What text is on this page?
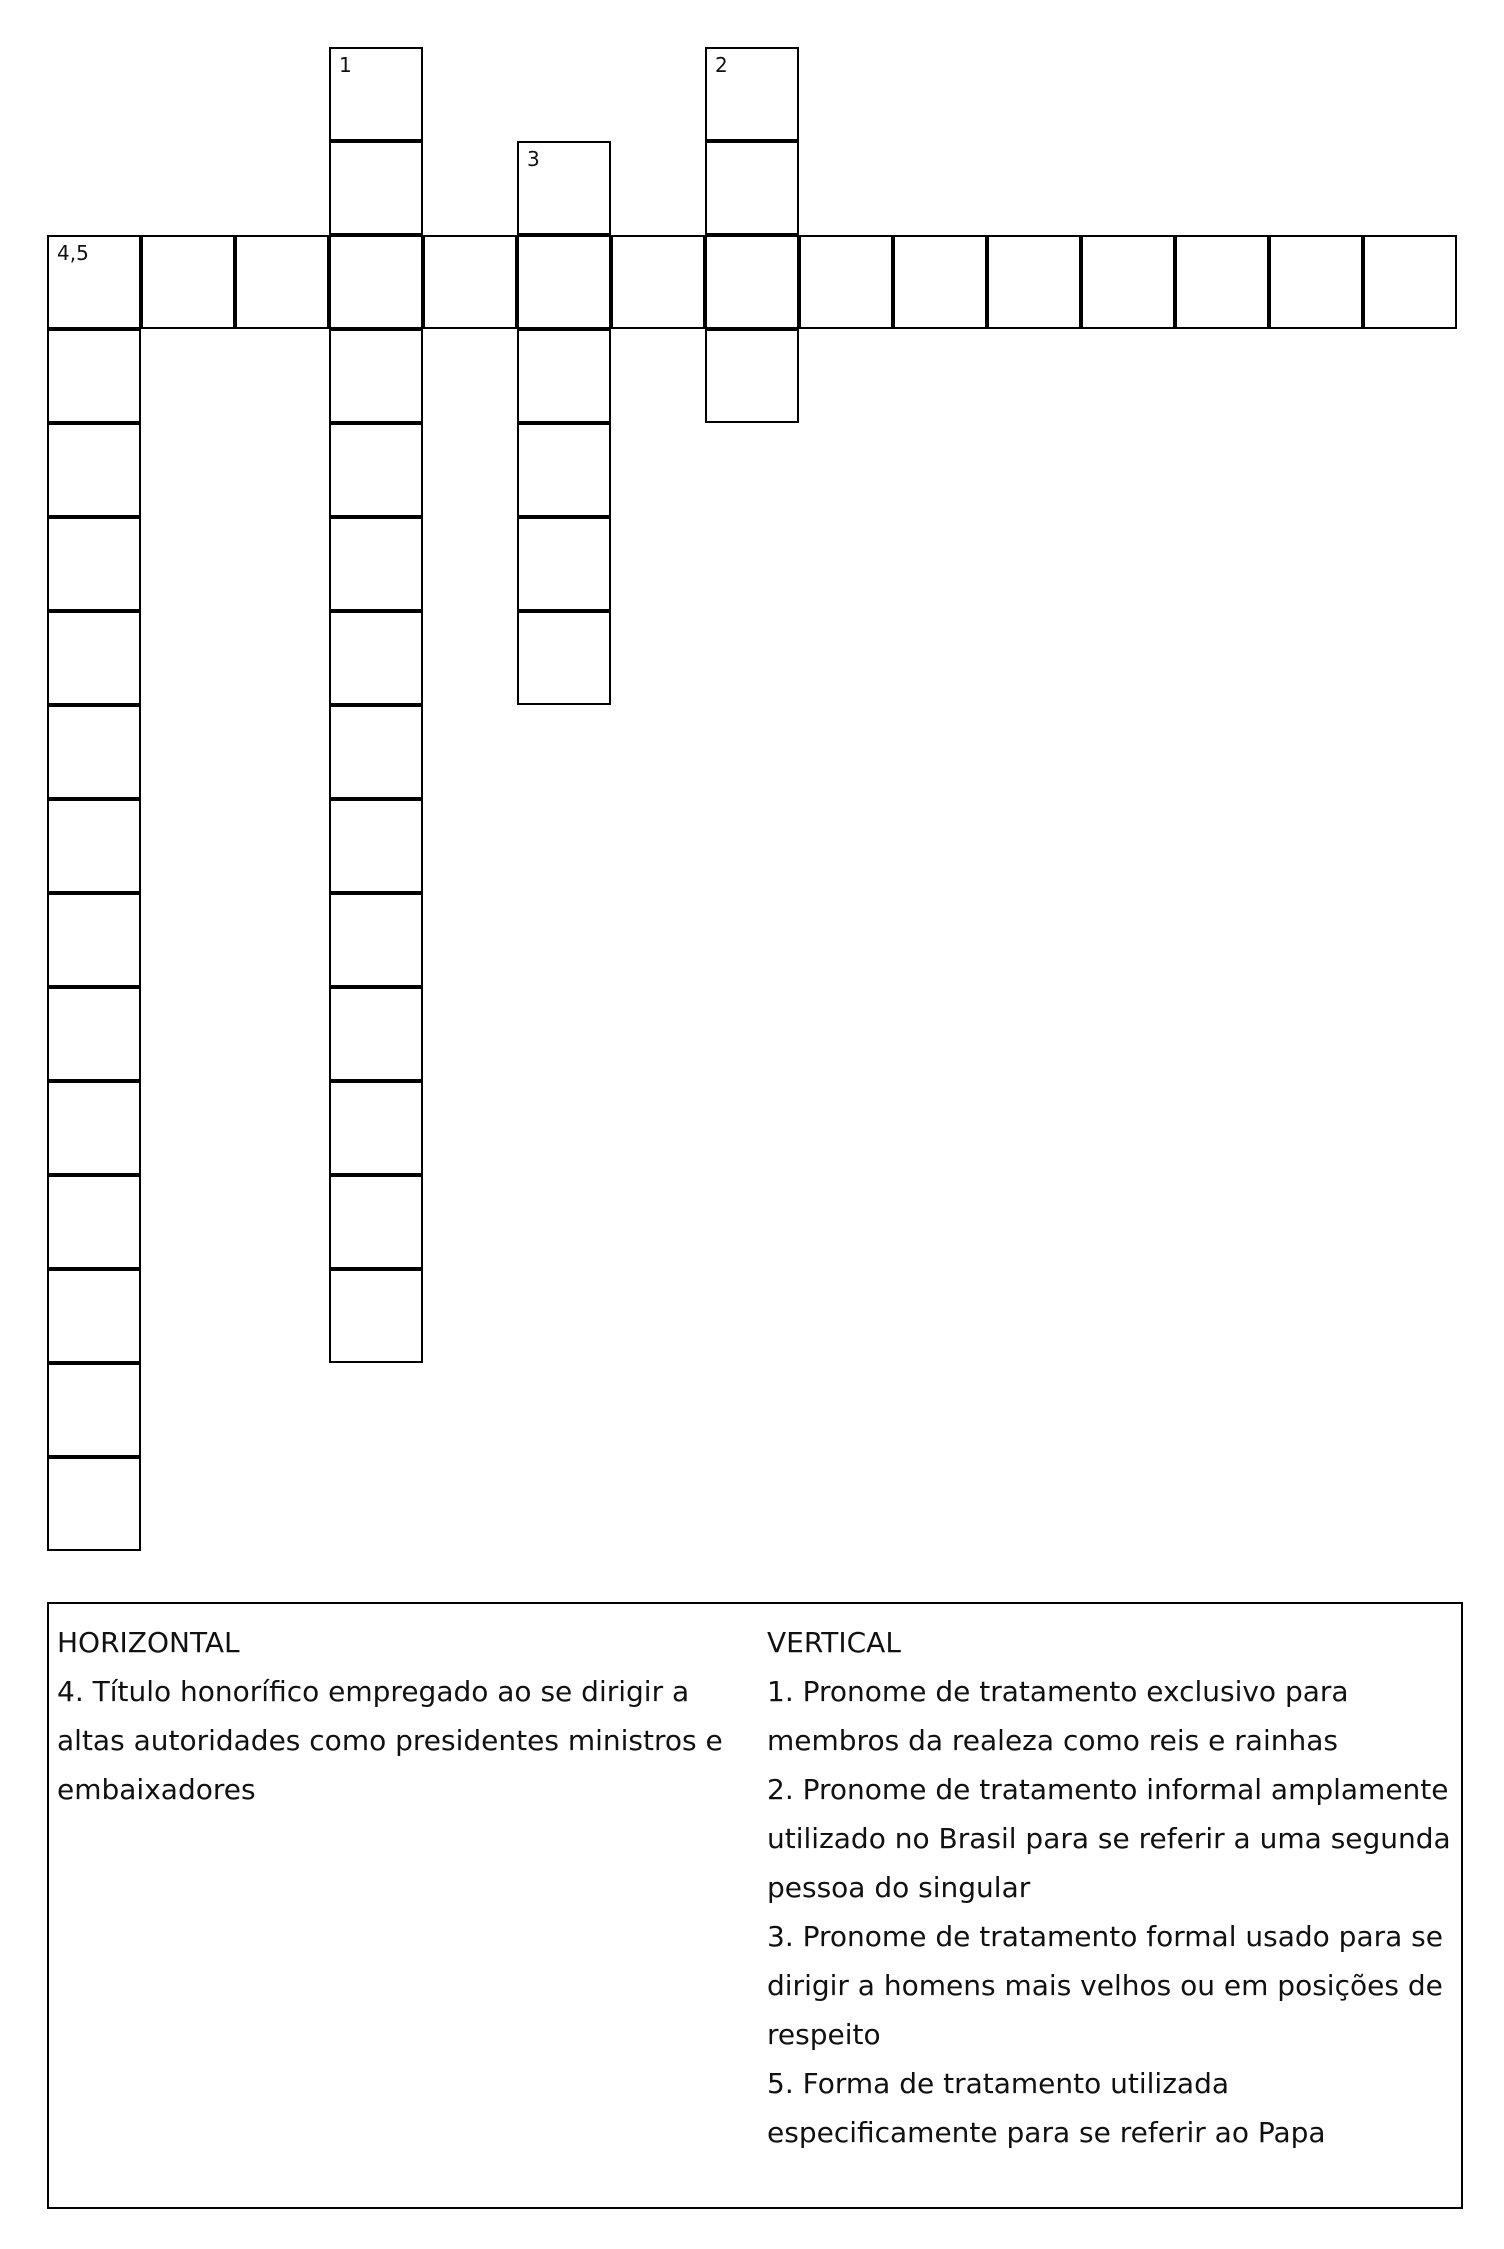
1	2
3
4,5
HORIZONTAL
4. Título honorífico empregado ao se dirigir a altas autoridades como presidentes ministros e embaixadores
VERTICAL
1. Pronome de tratamento exclusivo para membros da realeza como reis e rainhas
2. Pronome de tratamento informal amplamente utilizado no Brasil para se referir a uma segunda pessoa do singular
3. Pronome de tratamento formal usado para se dirigir a homens mais velhos ou em posições de respeito
5. Forma de tratamento utilizada especificamente para se referir ao Papa
